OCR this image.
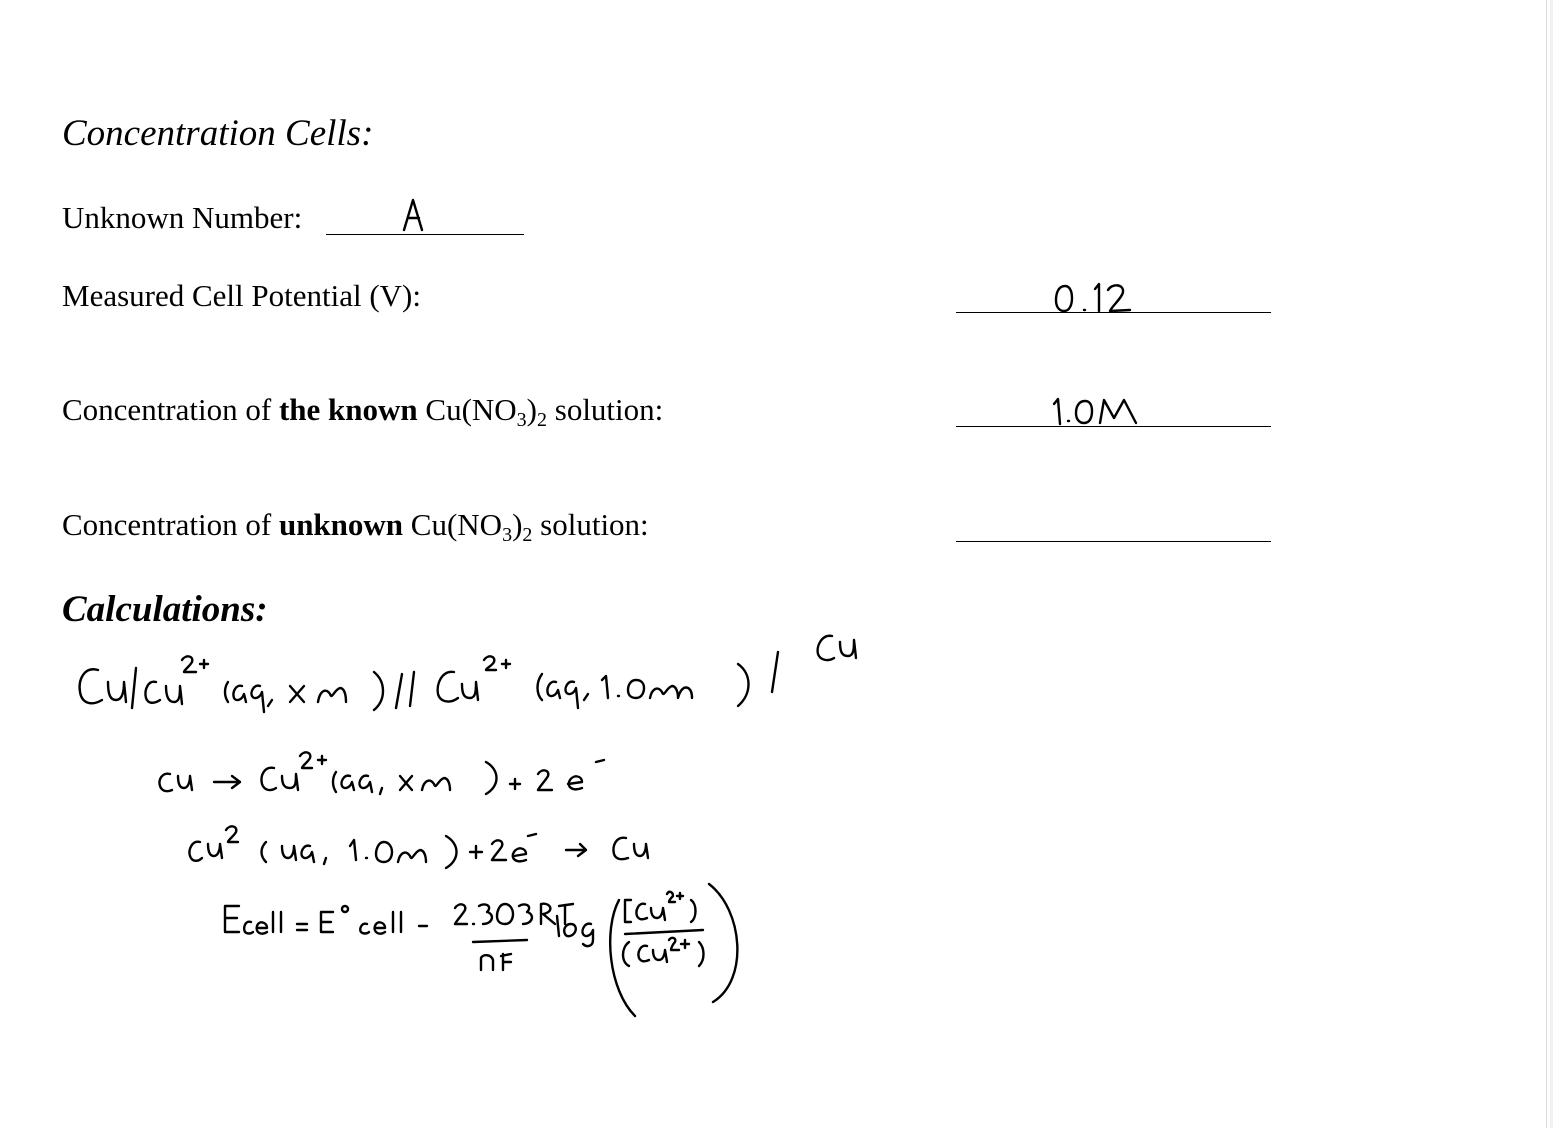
Concentration Cells:
Unknown Number:
Measured Cell Potential (V):
Concentration of the known $Cu(NO_3)_2$ solution:
Concentration of unknown $Cu(NO_3)_2$ solution:
Calculations:
